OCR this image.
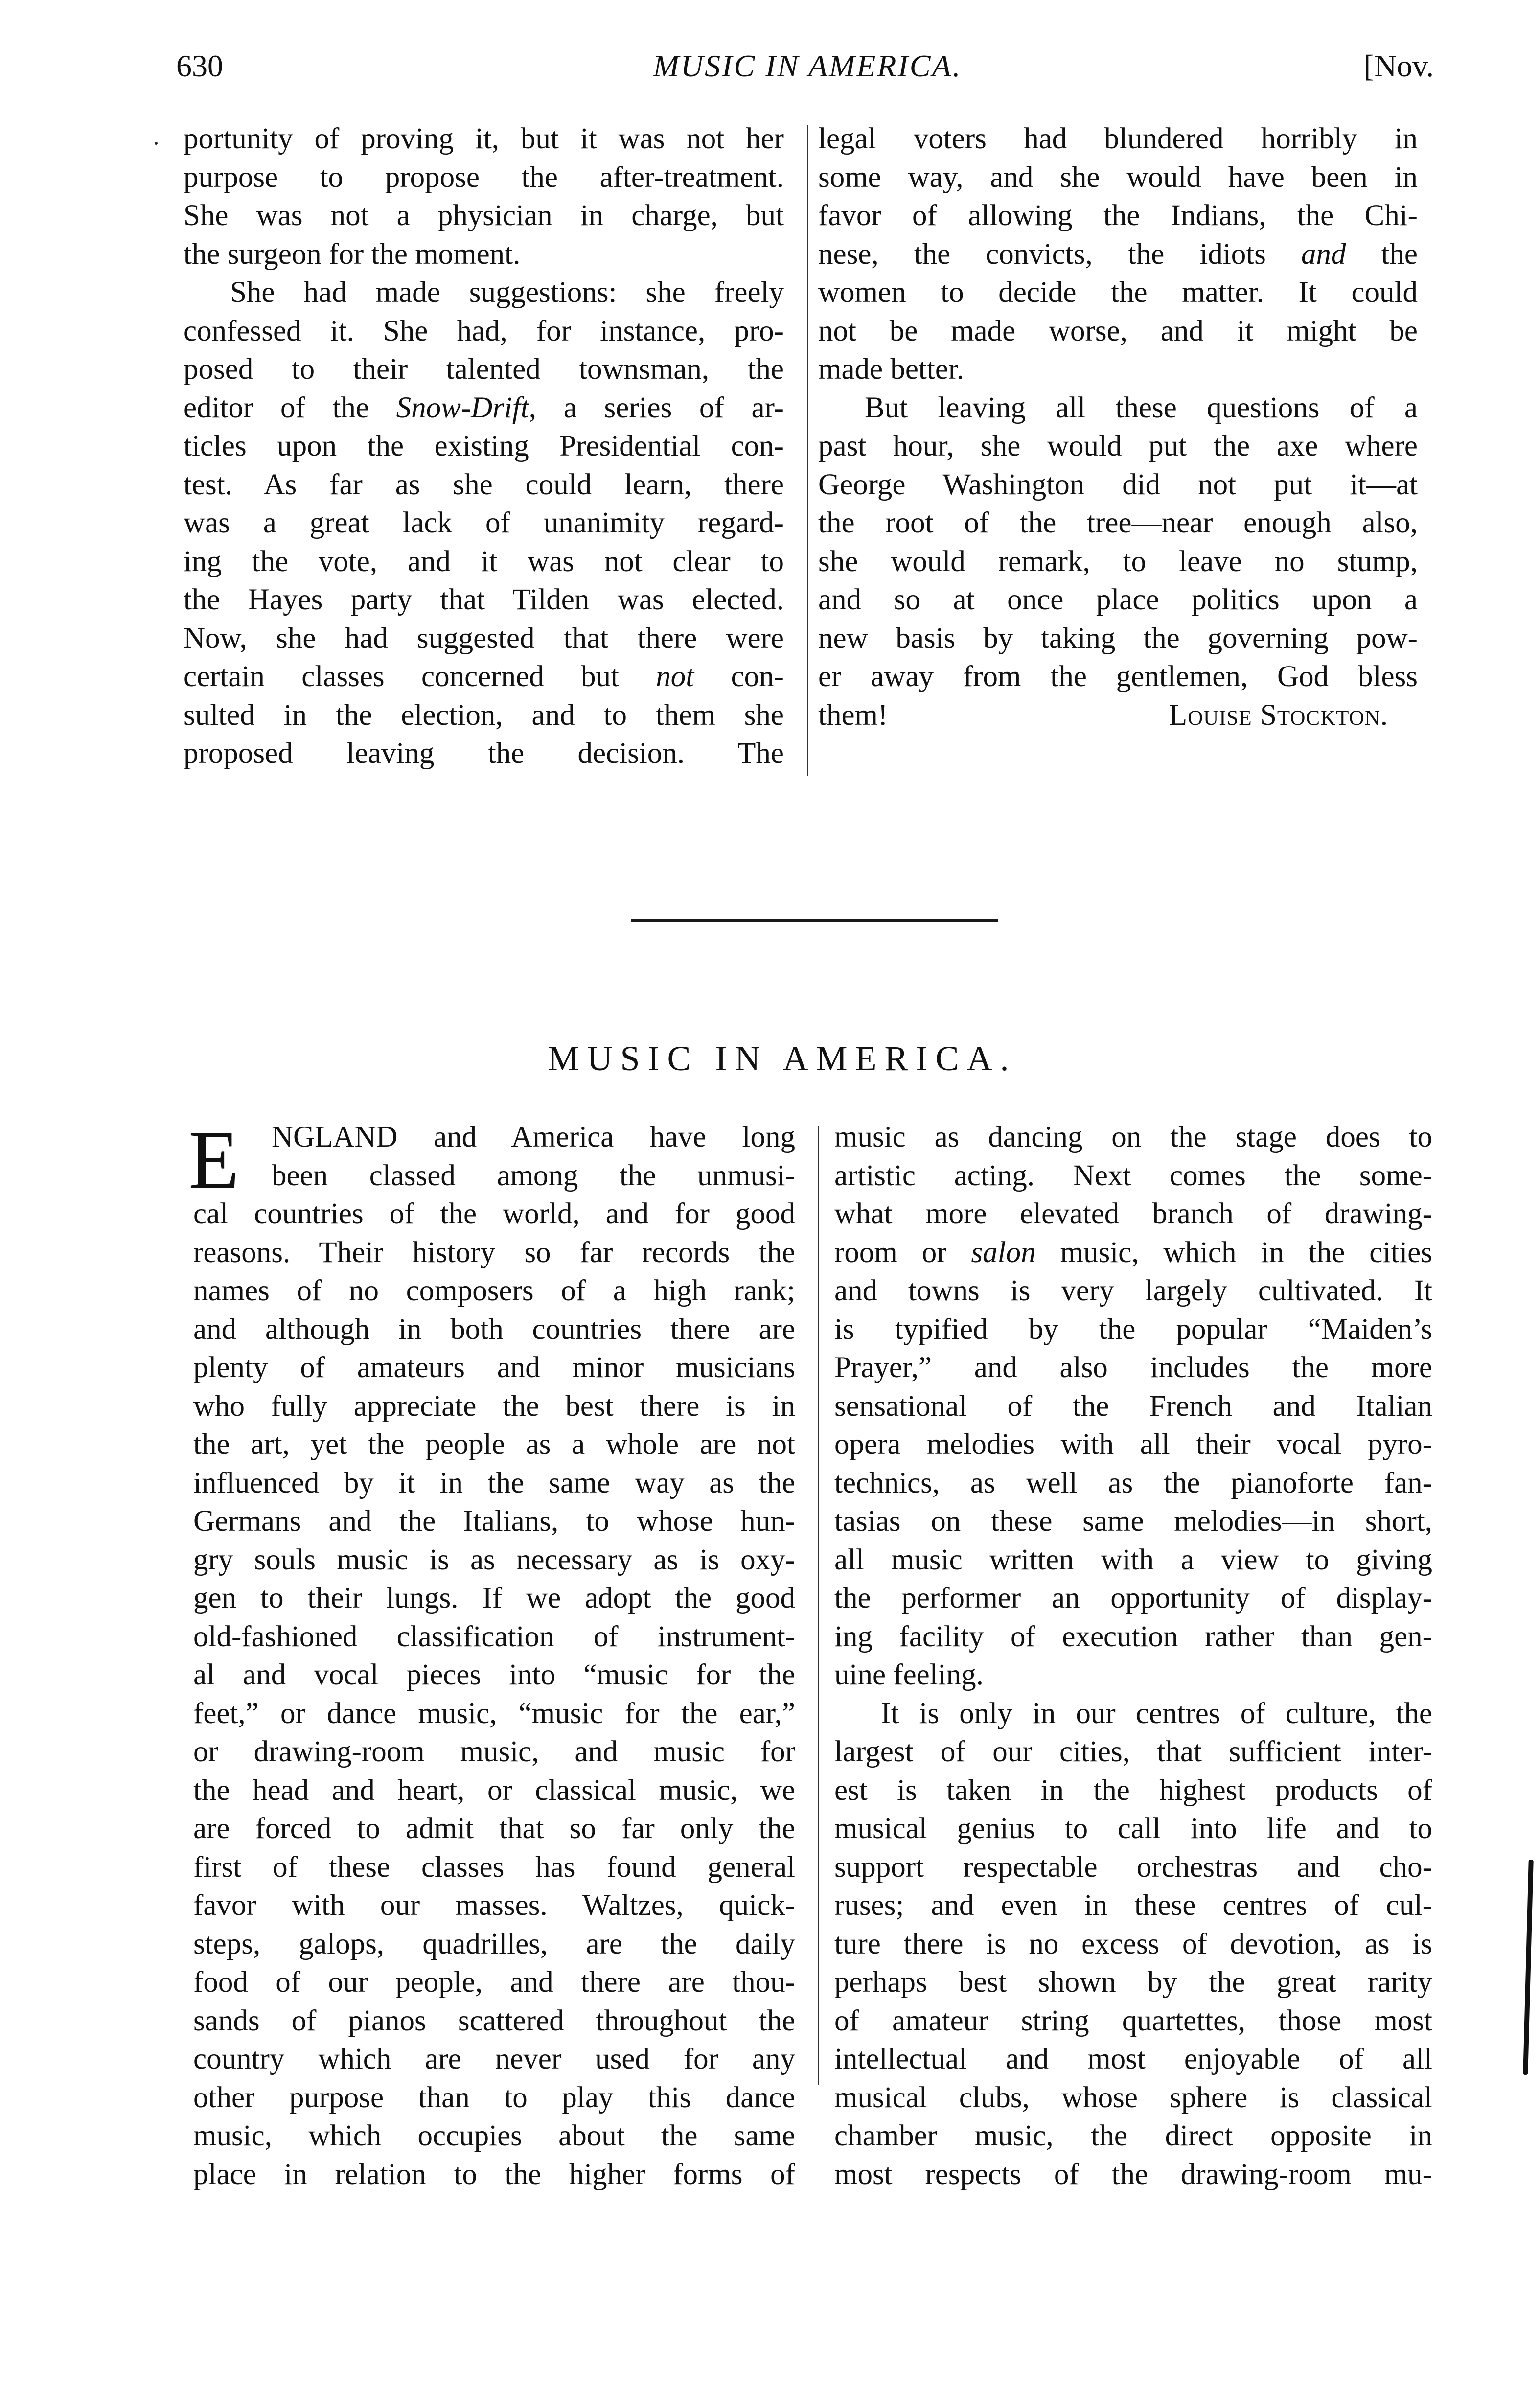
630	MUSIC IN AMERICA.	[Nov.
portunity of proving it, but it was not her
purpose to propose the after-treatment.
She was not a physician in charge, but
the surgeon for the moment.
She had made suggestions: she freely
confessed it. She had, for instance, pro-
posed to their talented townsman, the
editor of the Snow-Drift, a series of ar-
ticles upon the existing Presidential con-
test. As far as she could learn, there
was a great lack of unanimity regard-
ing the vote, and it was not clear to
the Hayes party that Tilden was elected.
Now, she had suggested that there were
certain classes concerned but not con-
sulted in the election, and to them she
proposed leaving the decision. The
legal voters had blundered horribly in
some way, and she would have been in
favor of allowing the Indians, the Chi-
nese, the convicts, the idiots and the
women to decide the matter. It could
not be made worse, and it might be
made better.
But leaving all these questions of a
past hour, she would put the axe where
George Washington did not put it—at
the root of the tree—near enough also,
she would remark, to leave no stump,
and so at once place politics upon a
new basis by taking the governing pow-
er away from the gentlemen, God bless
them!	Louise Stockton.
MUSIC IN AMERICA.
E	NGLAND and America have long
been classed among the unmusi-
cal countries of the world, and for good
reasons. Their history so far records the
names of no composers of a high rank;
and although in both countries there are
plenty of amateurs and minor musicians
who fully appreciate the best there is in
the art, yet the people as a whole are not
influenced by it in the same way as the
Germans and the Italians, to whose hun-
gry souls music is as necessary as is oxy-
gen to their lungs. If we adopt the good
old-fashioned classification of instrument-
al and vocal pieces into “music for the
feet,” or dance music, “music for the ear,”
or drawing-room music, and music for
the head and heart, or classical music, we
are forced to admit that so far only the
first of these classes has found general
favor with our masses. Waltzes, quick-
steps, galops, quadrilles, are the daily
food of our people, and there are thou-
sands of pianos scattered throughout the
country which are never used for any
other purpose than to play this dance
music, which occupies about the same
place in relation to the higher forms of
music as dancing on the stage does to
artistic acting. Next comes the some-
what more elevated branch of drawing-
room or salon music, which in the cities
and towns is very largely cultivated. It
is typified by the popular “Maiden’s
Prayer,” and also includes the more
sensational of the French and Italian
opera melodies with all their vocal pyro-
technics, as well as the pianoforte fan-
tasias on these same melodies—in short,
all music written with a view to giving
the performer an opportunity of display-
ing facility of execution rather than gen-
uine feeling.
It is only in our centres of culture, the
largest of our cities, that sufficient inter-
est is taken in the highest products of
musical genius to call into life and to
support respectable orchestras and cho-
ruses; and even in these centres of cul-
ture there is no excess of devotion, as is
perhaps best shown by the great rarity
of amateur string quartettes, those most
intellectual and most enjoyable of all
musical clubs, whose sphere is classical
chamber music, the direct opposite in
most respects of the drawing-room mu-
